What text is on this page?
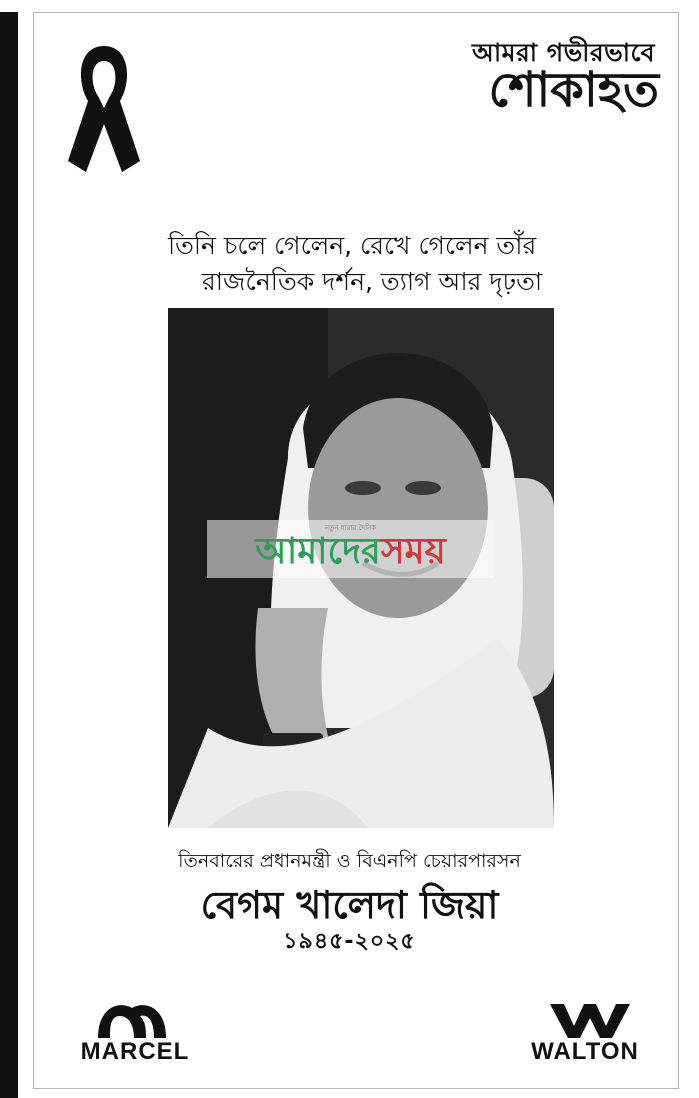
আমরা গভীরভাবে
শোকাহত
তিনি চলে গেলেন, রেখে গেলেন তাঁর
রাজনৈতিক দর্শন, ত্যাগ আর দৃঢ়তা
নতুন ধারার দৈনিক
আমাদেরসময়
তিনবারের প্রধানমন্ত্রী ও বিএনপি চেয়ারপারসন
বেগম খালেদা জিয়া
১৯৪৫-২০২৫
MARCEL	WALTON
